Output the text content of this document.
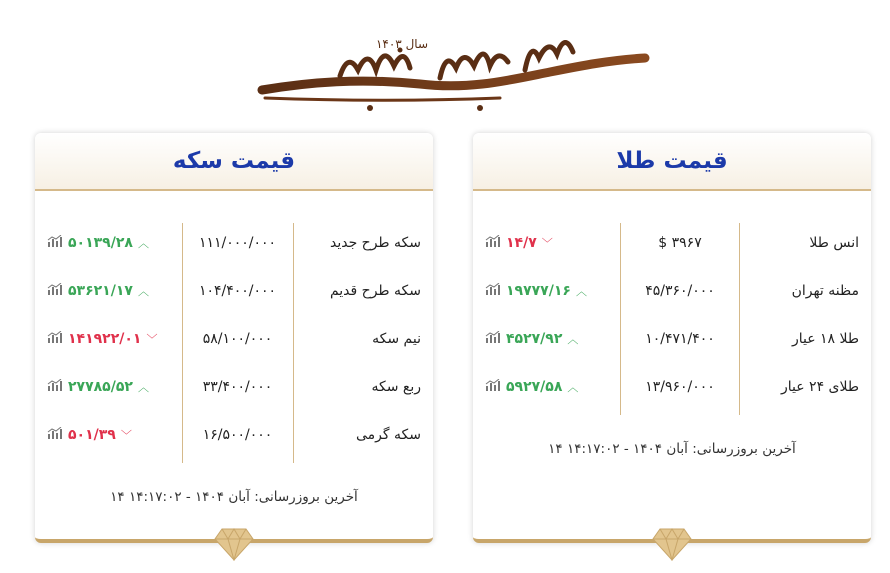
سال ۱۴۰۳
قیمت سکه
سکه طرح جدید
۱۱۱/۰۰۰/۰۰۰
۵۰۱۳۹/۲۸ ︿
سکه طرح قدیم
۱۰۴/۴۰۰/۰۰۰
۵۳۶۲۱/۱۷ ︿
نیم سکه
۵۸/۱۰۰/۰۰۰
۱۴۱۹۲۲/۰۱ ﹀
ربع سکه
۳۳/۴۰۰/۰۰۰
۲۷۷۸۵/۵۲ ︿
سکه گرمی
۱۶/۵۰۰/۰۰۰
۵۰۱/۳۹ ﹀
آخرین بروزرسانی: ۱۴ آبان ۱۴۰۴ - ۱۴:۱۷:۰۲
قیمت طلا
انس طلا
$ ۳۹۶۷
۱۴/۷ ﹀
مظنه تهران
۴۵/۳۶۰/۰۰۰
۱۹۷۷۷/۱۶ ︿
طلا ۱۸ عیار
۱۰/۴۷۱/۴۰۰
۴۵۲۷/۹۲ ︿
طلای ۲۴ عیار
۱۳/۹۶۰/۰۰۰
۵۹۲۷/۵۸ ︿
آخرین بروزرسانی: ۱۴ آبان ۱۴۰۴ - ۱۴:۱۷:۰۲
